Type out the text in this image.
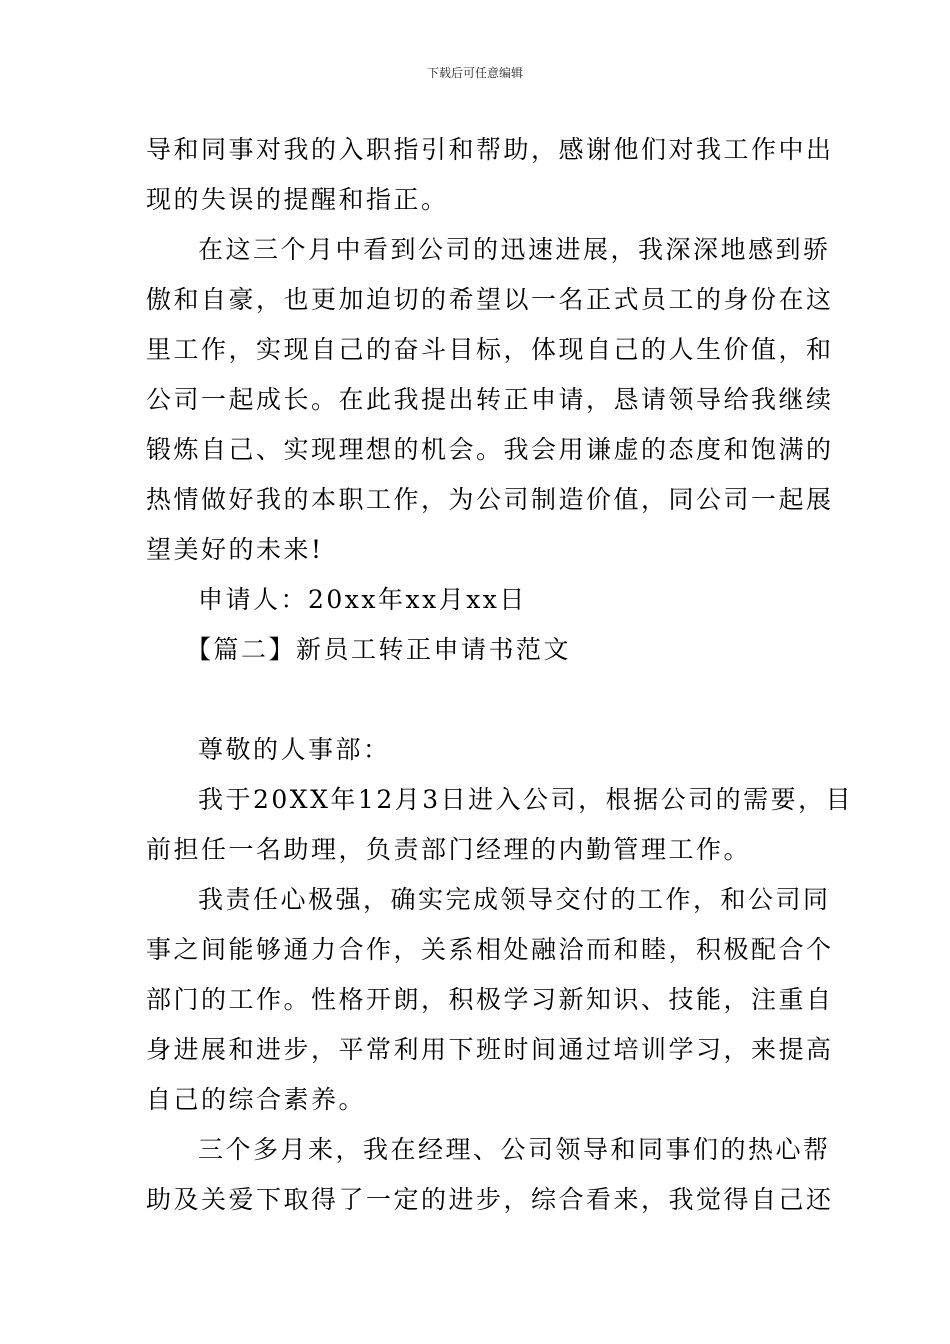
下载后可任意编辑
导和同事对我的入职指引和帮助，感谢他们对我工作中出
现的失误的提醒和指正。
在这三个月中看到公司的迅速进展，我深深地感到骄
傲和自豪，也更加迫切的希望以一名正式员工的身份在这
里工作，实现自己的奋斗目标，体现自己的人生价值，和
公司一起成长。在此我提出转正申请，恳请领导给我继续
锻炼自己、实现理想的机会。我会用谦虚的态度和饱满的
热情做好我的本职工作，为公司制造价值，同公司一起展
望美好的未来!
申请人：20xx年xx月xx日
【篇二】新员工转正申请书范文
尊敬的人事部：
我于20XX年12月3日进入公司，根据公司的需要，目
前担任一名助理，负责部门经理的内勤管理工作。
我责任心极强，确实完成领导交付的工作，和公司同
事之间能够通力合作，关系相处融洽而和睦，积极配合个
部门的工作。性格开朗，积极学习新知识、技能，注重自
身进展和进步，平常利用下班时间通过培训学习，来提高
自己的综合素养。
三个多月来，我在经理、公司领导和同事们的热心帮
助及关爱下取得了一定的进步，综合看来，我觉得自己还
